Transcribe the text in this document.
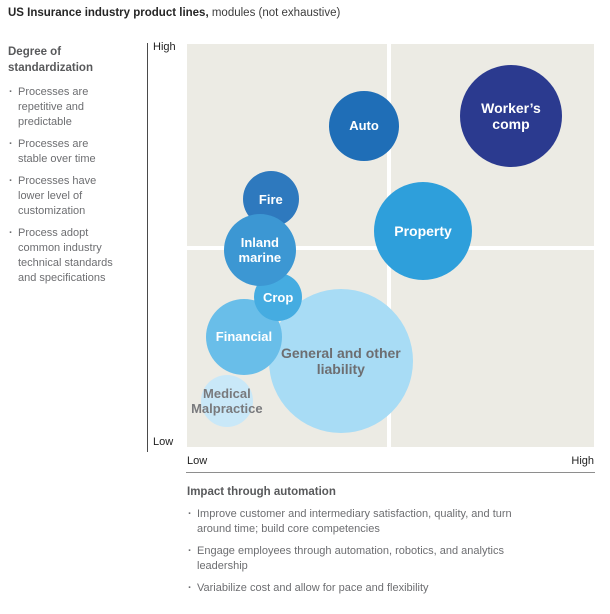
US Insurance industry product lines, modules (not exhaustive)
Degree of standardization
· Processes are repetitive and predictable
· Processes are stable over time
· Processes have lower level of customization
· Process adopt common industry technical standards and specifications
High
Low
General and other liability
Medical Malpractice
Financial
Crop
Fire
Inland marine
Auto
Property
Worker’s comp
Low	High
Impact through automation
· Improve customer and intermediary satisfaction, quality, and turn around time; build core competencies
· Engage employees through automation, robotics, and analytics leadership
· Variabilize cost and allow for pace and flexibility
